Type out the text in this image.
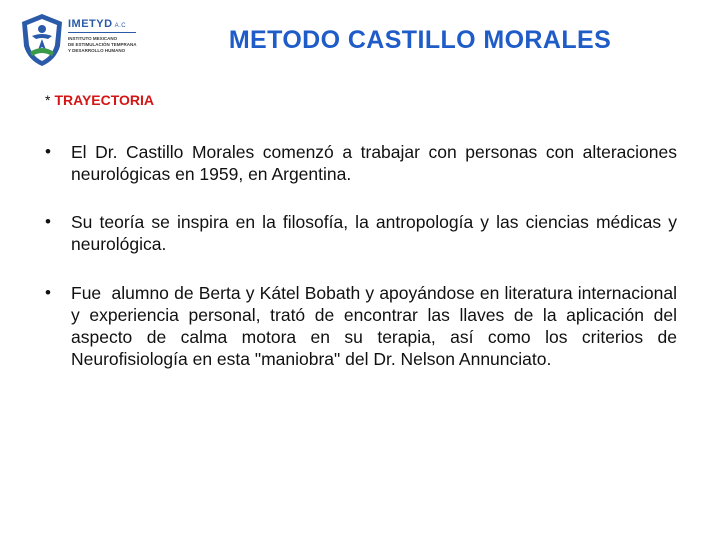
IMETYD A.C
INSTITUTO MEXICANO
DE ESTIMULACIÓN TEMPRANA
Y DESARROLLO HUMANO	METODO CASTILLO MORALES

* TRAYECTORIA

• El Dr. Castillo Morales comenzó a trabajar con personas con alteraciones neurológicas en 1959, en Argentina.
• Su teoría se inspira en la filosofía, la antropología y las ciencias médicas y neurológica.
• Fue  alumno de Berta y Kátel Bobath y apoyándose en literatura internacional y experiencia personal, trató de encontrar las llaves de la aplicación del aspecto de calma motora en su terapia, así como los criterios de Neurofisiología en esta "maniobra" del Dr. Nelson Annunciato.
